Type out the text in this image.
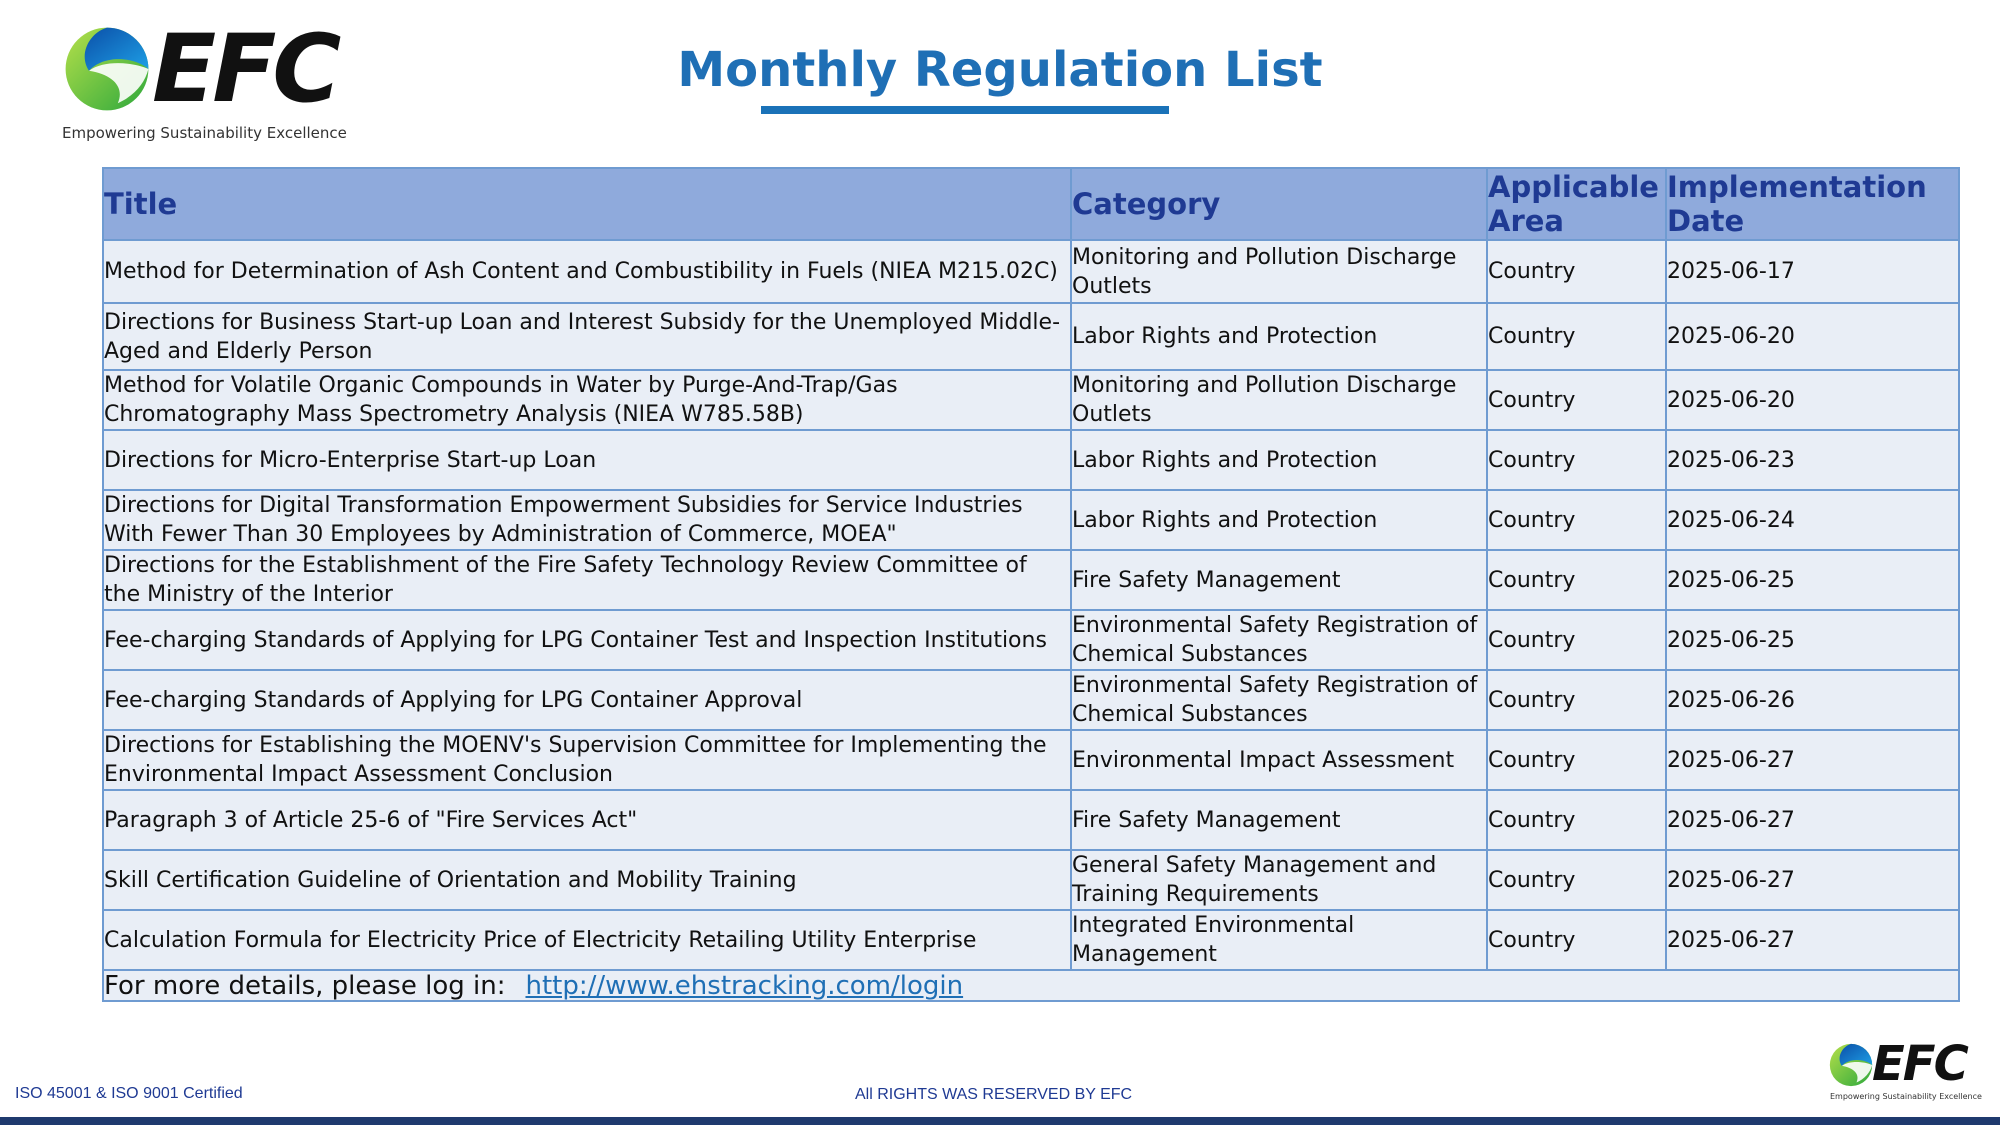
EFC
Empowering Sustainability Excellence
Monthly Regulation List
Title	Category	Applicable Area	Implementation Date
Method for Determination of Ash Content and Combustibility in Fuels (NIEA M215.02C)	Monitoring and Pollution Discharge Outlets	Country	2025-06-17
Directions for Business Start-up Loan and Interest Subsidy for the Unemployed Middle-Aged and Elderly Person	Labor Rights and Protection	Country	2025-06-20
Method for Volatile Organic Compounds in Water by Purge-And-Trap/Gas Chromatography Mass Spectrometry Analysis (NIEA W785.58B)	Monitoring and Pollution Discharge Outlets	Country	2025-06-20
Directions for Micro-Enterprise Start-up Loan	Labor Rights and Protection	Country	2025-06-23
Directions for Digital Transformation Empowerment Subsidies for Service Industries With Fewer Than 30 Employees by Administration of Commerce, MOEA"	Labor Rights and Protection	Country	2025-06-24
Directions for the Establishment of the Fire Safety Technology Review Committee of the Ministry of the Interior	Fire Safety Management	Country	2025-06-25
Fee-charging Standards of Applying for LPG Container Test and Inspection Institutions	Environmental Safety Registration of Chemical Substances	Country	2025-06-25
Fee-charging Standards of Applying for LPG Container Approval	Environmental Safety Registration of Chemical Substances	Country	2025-06-26
Directions for Establishing the MOENV's Supervision Committee for Implementing the Environmental Impact Assessment Conclusion	Environmental Impact Assessment	Country	2025-06-27
Paragraph 3 of Article 25-6 of "Fire Services Act"	Fire Safety Management	Country	2025-06-27
Skill Certification Guideline of Orientation and Mobility Training	General Safety Management and Training Requirements	Country	2025-06-27
Calculation Formula for Electricity Price of Electricity Retailing Utility Enterprise	Integrated Environmental Management	Country	2025-06-27
For more details, please log in: http://www.ehstracking.com/login			
ISO 45001 & ISO 9001 Certified	All RIGHTS WAS RESERVED BY EFC
EFC
Empowering Sustainability Excellence
